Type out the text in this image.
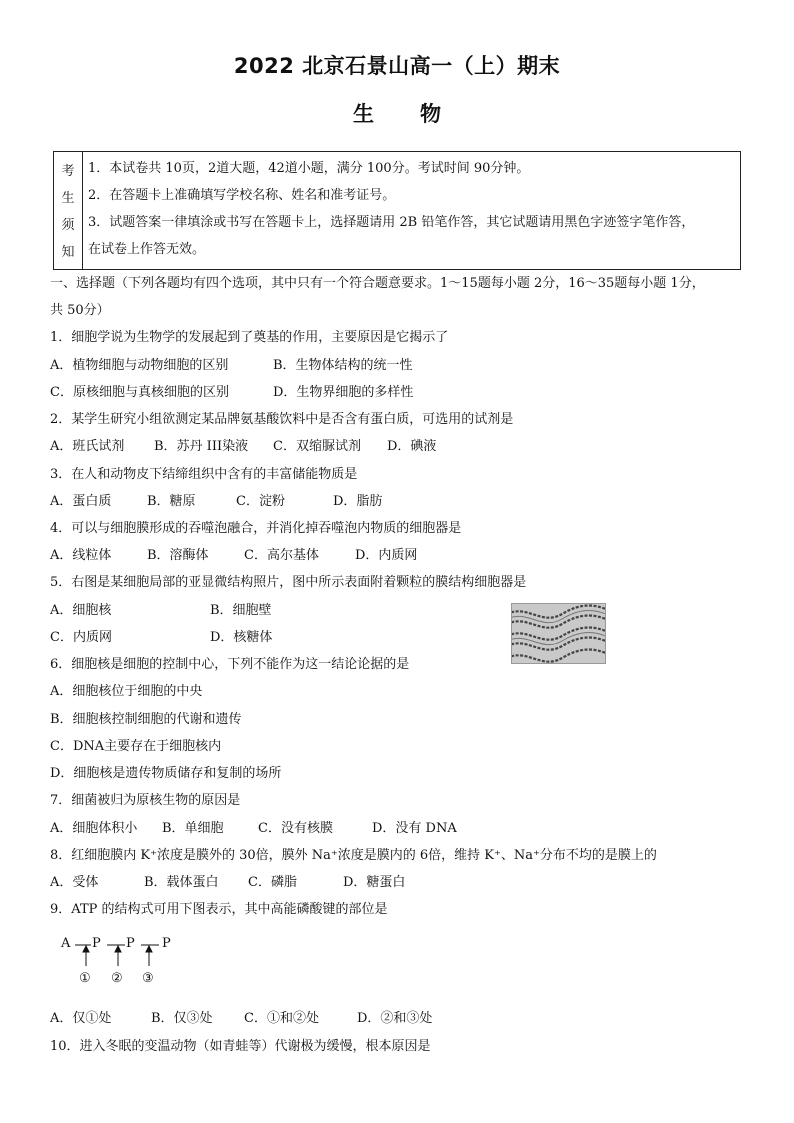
2022 北京石景山高一（上）期末
生物
考
生
须
知
1．本试卷共 10页，2道大题，42道小题，满分 100分。考试时间 90分钟。
2．在答题卡上准确填写学校名称、姓名和准考证号。
3．试题答案一律填涂或书写在答题卡上，选择题请用 2B 铅笔作答，其它试题请用黑色字迹签字笔作答，
在试卷上作答无效。
一、选择题（下列各题均有四个选项，其中只有一个符合题意要求。1～15题每小题 2分，16～35题每小题 1分，
共 50分）
1．细胞学说为生物学的发展起到了奠基的作用，主要原因是它揭示了
A．植物细胞与动物细胞的区别	B．生物体结构的统一性
C．原核细胞与真核细胞的区别	D．生物界细胞的多样性
2．某学生研究小组欲测定某品牌氨基酸饮料中是否含有蛋白质，可选用的试剂是
A．班氏试剂 B．苏丹 III染液 C．双缩脲试剂 D．碘液
3．在人和动物皮下结缔组织中含有的丰富储能物质是
A．蛋白质	B．糖原	C．淀粉	D．脂肪
4．可以与细胞膜形成的吞噬泡融合，并消化掉吞噬泡内物质的细胞器是
A．线粒体	B．溶酶体	C．高尔基体	D．内质网
5．右图是某细胞局部的亚显微结构照片，图中所示表面附着颗粒的膜结构细胞器是
A．细胞核	B．细胞壁
C．内质网	D．核糖体
6．细胞核是细胞的控制中心，下列不能作为这一结论论据的是
A．细胞核位于细胞的中央
B．细胞核控制细胞的代谢和遗传
C．DNA主要存在于细胞核内
D．细胞核是遗传物质储存和复制的场所
7．细菌被归为原核生物的原因是
A．细胞体积小 B．单细胞	C．没有核膜	D．没有 DNA
8．红细胞膜内 K⁺浓度是膜外的 30倍，膜外 Na⁺浓度是膜内的 6倍，维持 K⁺、Na⁺分布不均的是膜上的
A．受体	B．载体蛋白 C．磷脂	D．糖蛋白
9．ATP 的结构式可用下图表示，其中高能磷酸键的部位是
A P P P
① ② ③
A．仅①处	B．仅③处 C．①和②处	D．②和③处
10．进入冬眠的变温动物（如青蛙等）代谢极为缓慢，根本原因是
